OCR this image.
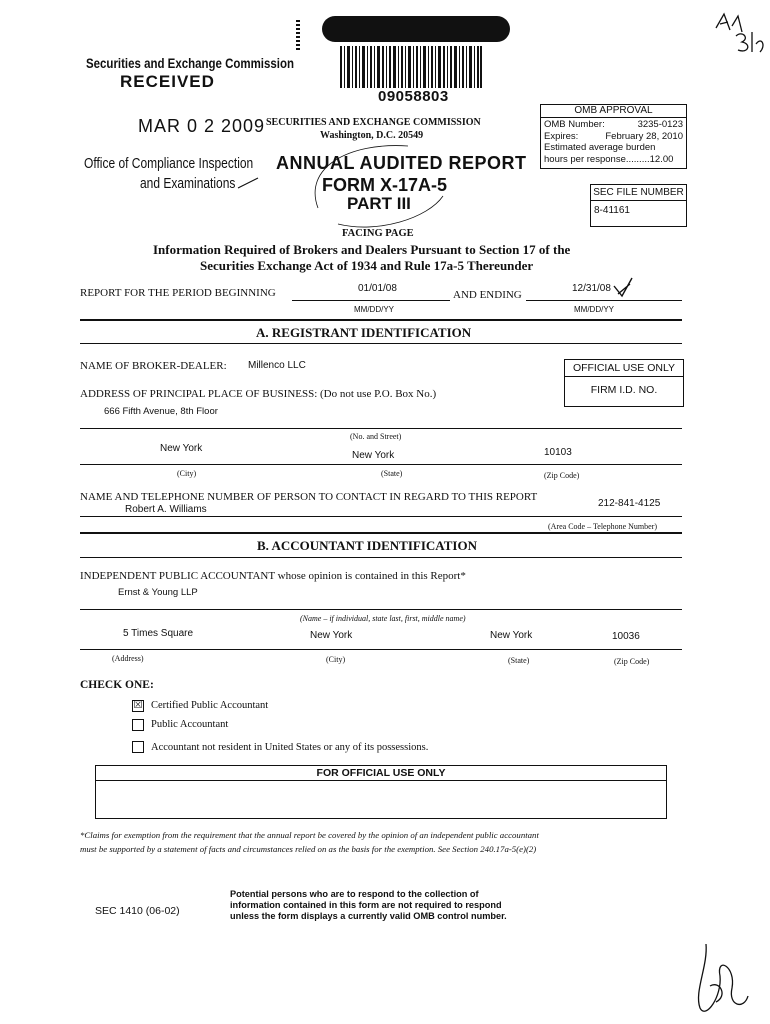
09058803
Securities and Exchange Commission
RECEIVED
MAR 0 2 2009
Office of Compliance Inspection
and Examinations
SECURITIES AND EXCHANGE COMMISSION
Washington, D.C. 20549
ANNUAL AUDITED REPORT
FORM X-17A-5
PART III
OMB APPROVAL
OMB Number:	3235-0123
Expires:	February 28, 2010
Estimated average burden
hours per response.........12.00
SEC FILE NUMBER
8-41161
FACING PAGE
Information Required of Brokers and Dealers Pursuant to Section 17 of the
Securities Exchange Act of 1934 and Rule 17a-5 Thereunder
REPORT FOR THE PERIOD BEGINNING	01/01/08
MM/DD/YY
AND ENDING
12/31/08
MM/DD/YY
A. REGISTRANT IDENTIFICATION
NAME OF BROKER-DEALER: Millenco LLC	OFFICIAL USE ONLY
FIRM I.D. NO.
ADDRESS OF PRINCIPAL PLACE OF BUSINESS: (Do not use P.O. Box No.)
666 Fifth Avenue, 8th Floor
(No. and Street)
New York
New York	10103
(City)	(State)	(Zip Code)
NAME AND TELEPHONE NUMBER OF PERSON TO CONTACT IN REGARD TO THIS REPORT
Robert A. Williams
212-841-4125
(Area Code – Telephone Number)
B. ACCOUNTANT IDENTIFICATION
INDEPENDENT PUBLIC ACCOUNTANT whose opinion is contained in this Report*
Ernst & Young LLP
(Name – if individual, state last, first, middle name)
5 Times Square	New York	New York	10036
(Address)	(City)	(State)	(Zip Code)
CHECK ONE:
☒ Certified Public Accountant
Public Accountant
Accountant not resident in United States or any of its possessions.
FOR OFFICIAL USE ONLY
*Claims for exemption from the requirement that the annual report be covered by the opinion of an independent public accountant
must be supported by a statement of facts and circumstances relied on as the basis for the exemption. See Section 240.17a-5(e)(2)
SEC 1410 (06-02)
Potential persons who are to respond to the collection of
information contained in this form are not required to respond
unless the form displays a currently valid OMB control number.
